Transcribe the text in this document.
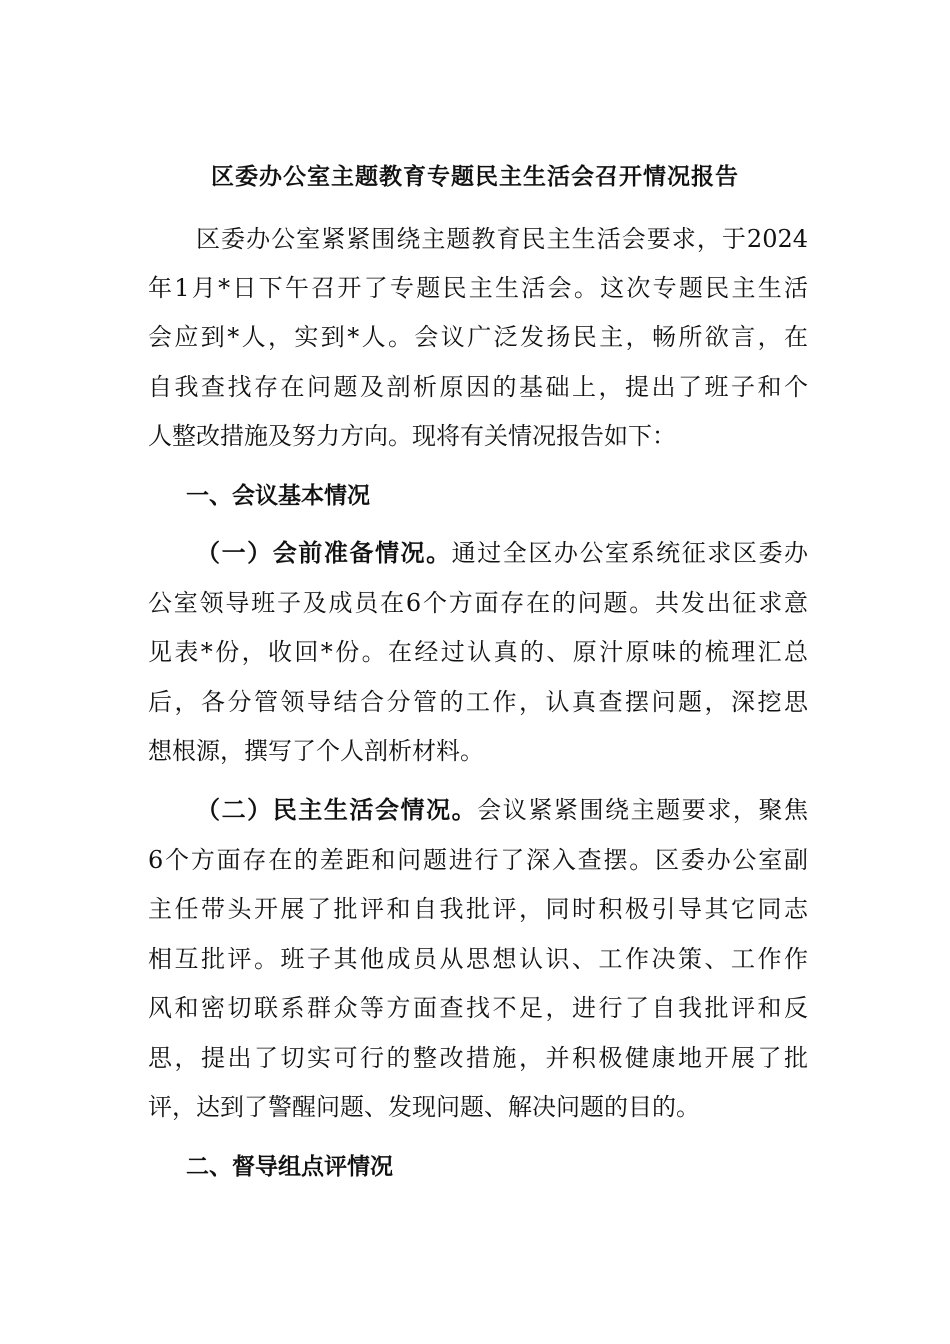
区委办公室主题教育专题民主生活会召开情况报告
区委办公室紧紧围绕主题教育民主生活会要求，于2024
年1月*日下午召开了专题民主生活会。这次专题民主生活
会应到*人，实到*人。会议广泛发扬民主，畅所欲言，在
自我查找存在问题及剖析原因的基础上，提出了班子和个
人整改措施及努力方向。现将有关情况报告如下：
一、会议基本情况
（一）会前准备情况。通过全区办公室系统征求区委办
公室领导班子及成员在6个方面存在的问题。共发出征求意
见表*份，收回*份。在经过认真的、原汁原味的梳理汇总
后，各分管领导结合分管的工作，认真查摆问题，深挖思
想根源，撰写了个人剖析材料。
（二）民主生活会情况。会议紧紧围绕主题要求，聚焦
6个方面存在的差距和问题进行了深入查摆。区委办公室副
主任带头开展了批评和自我批评，同时积极引导其它同志
相互批评。班子其他成员从思想认识、工作决策、工作作
风和密切联系群众等方面查找不足，进行了自我批评和反
思，提出了切实可行的整改措施，并积极健康地开展了批
评，达到了警醒问题、发现问题、解决问题的目的。
二、督导组点评情况
